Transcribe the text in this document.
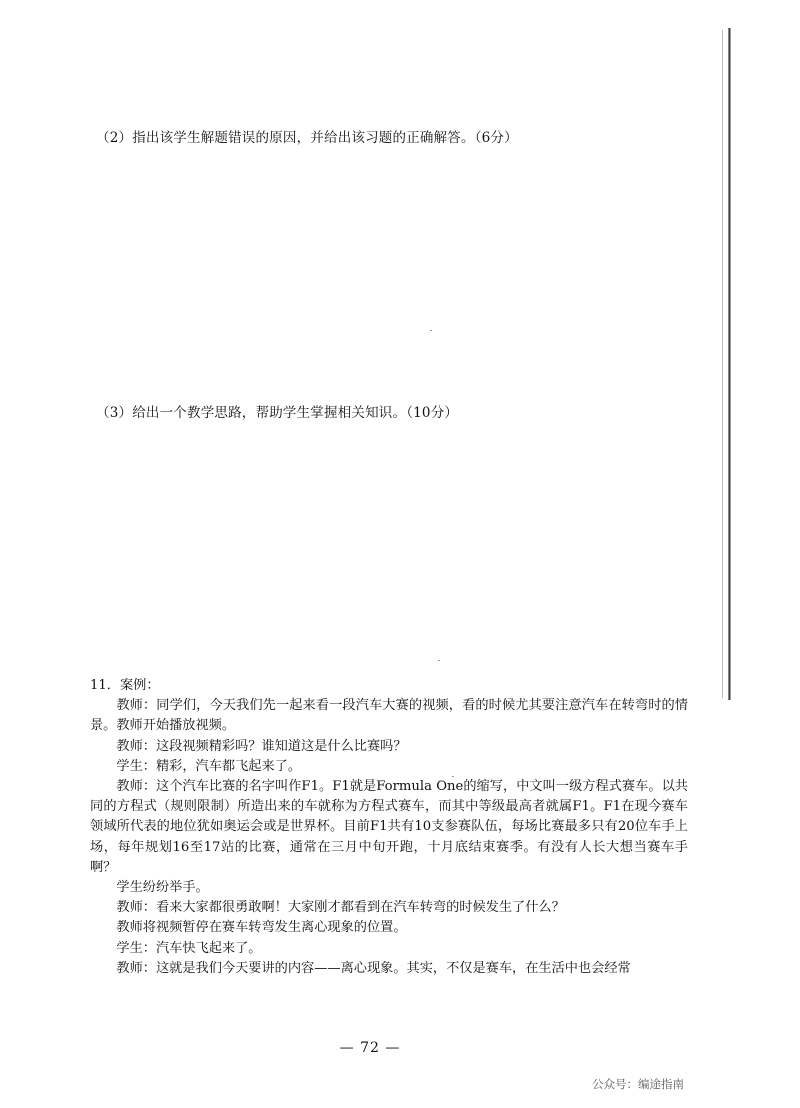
（2）指出该学生解题错误的原因，并给出该习题的正确解答。（6分）
（3）给出一个教学思路，帮助学生掌握相关知识。（10分）
11．案例：

教师：同学们，今天我们先一起来看一段汽车大赛的视频，看的时候尤其要注意汽车在转弯时的情景。教师开始播放视频。

教师：这段视频精彩吗？谁知道这是什么比赛吗？

学生：精彩，汽车都飞起来了。

教师：这个汽车比赛的名字叫作F1。F1就是Formula One的缩写，中文叫一级方程式赛车。以共同的方程式（规则限制）所造出来的车就称为方程式赛车，而其中等级最高者就属F1。F1在现今赛车领域所代表的地位犹如奥运会或是世界杯。目前F1共有10支参赛队伍，每场比赛最多只有20位车手上场，每年规划16至17站的比赛，通常在三月中旬开跑，十月底结束赛季。有没有人长大想当赛车手啊？

学生纷纷举手。

教师：看来大家都很勇敢啊！大家刚才都看到在汽车转弯的时候发生了什么？

教师将视频暂停在赛车转弯发生离心现象的位置。

学生：汽车快飞起来了。

教师：这就是我们今天要讲的内容——离心现象。其实，不仅是赛车，在生活中也会经常

— 72 —
公众号：编途指南
